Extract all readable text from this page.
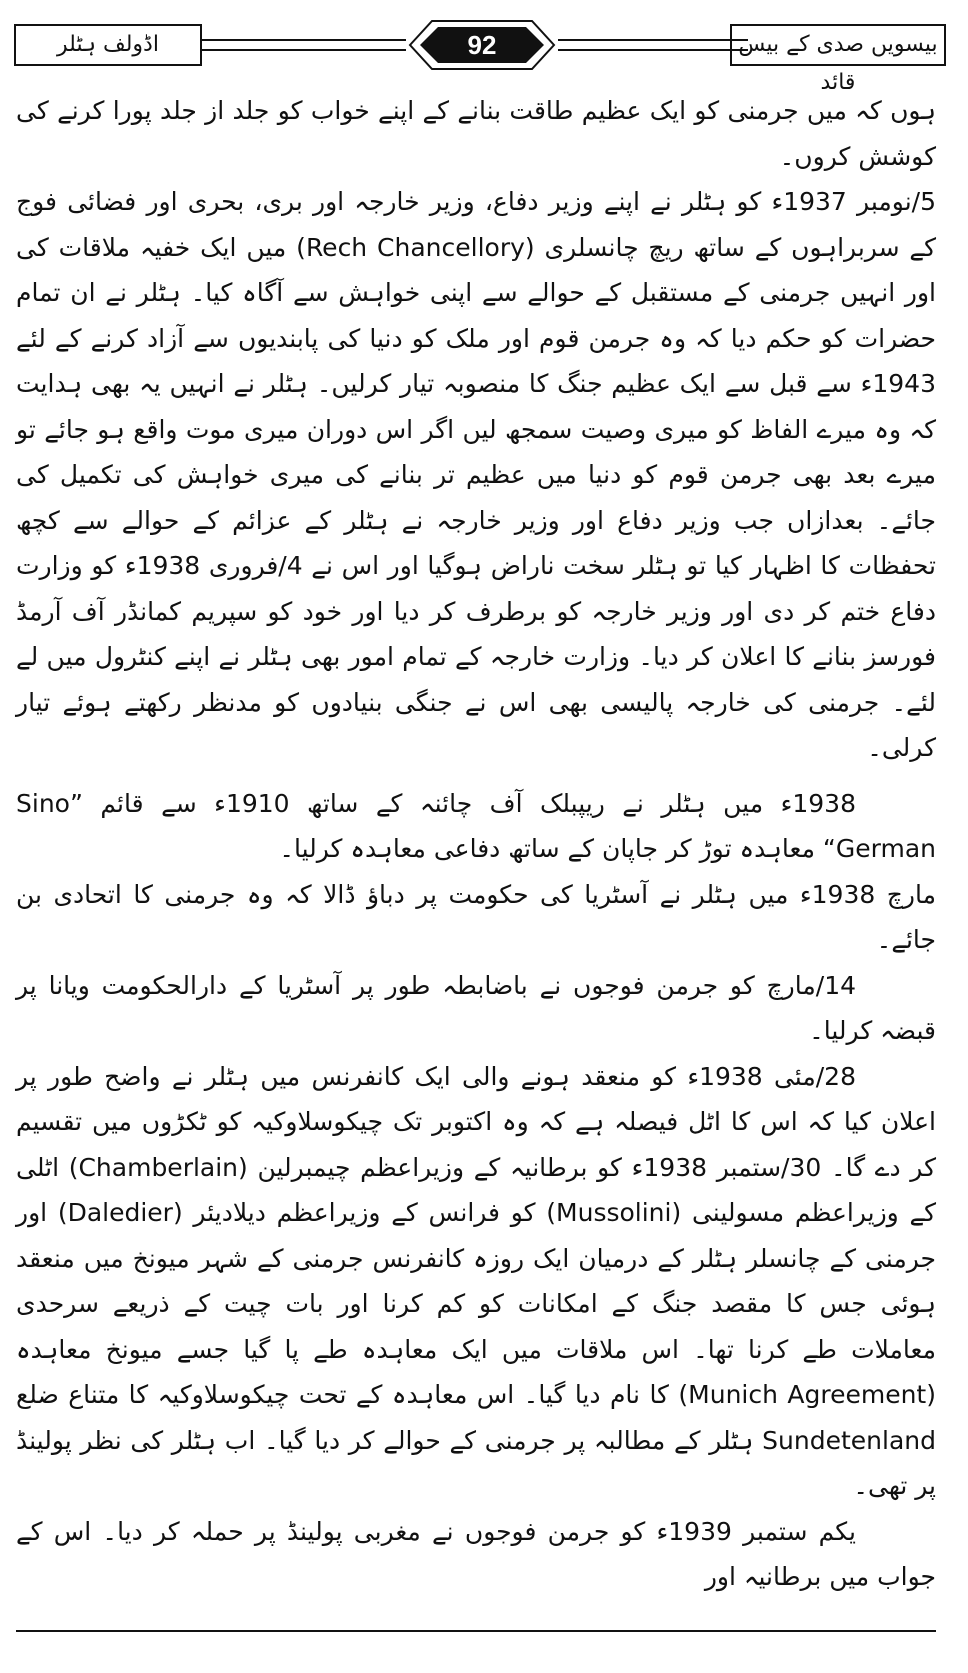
بیسویں صدی کے بیس قائد
92
اڈولف ہٹلر

ہوں کہ میں جرمنی کو ایک عظیم طاقت بنانے کے اپنے خواب کو جلد از جلد پورا کرنے کی کوشش کروں۔

5/نومبر 1937ء کو ہٹلر نے اپنے وزیر دفاع، وزیر خارجہ اور بری، بحری اور فضائی فوج کے سربراہوں کے ساتھ ریچ چانسلری (Rech Chancellory) میں ایک خفیہ ملاقات کی اور انہیں جرمنی کے مستقبل کے حوالے سے اپنی خواہش سے آگاہ کیا۔ ہٹلر نے ان تمام حضرات کو حکم دیا کہ وہ جرمن قوم اور ملک کو دنیا کی پابندیوں سے آزاد کرنے کے لئے 1943ء سے قبل سے ایک عظیم جنگ کا منصوبہ تیار کرلیں۔ ہٹلر نے انہیں یہ بھی ہدایت کہ وہ میرے الفاظ کو میری وصیت سمجھ لیں اگر اس دوران میری موت واقع ہو جائے تو میرے بعد بھی جرمن قوم کو دنیا میں عظیم تر بنانے کی میری خواہش کی تکمیل کی جائے۔ بعدازاں جب وزیر دفاع اور وزیر خارجہ نے ہٹلر کے عزائم کے حوالے سے کچھ تحفظات کا اظہار کیا تو ہٹلر سخت ناراض ہوگیا اور اس نے 4/فروری 1938ء کو وزارت دفاع ختم کر دی اور وزیر خارجہ کو برطرف کر دیا اور خود کو سپریم کمانڈر آف آرمڈ فورسز بنانے کا اعلان کر دیا۔ وزارت خارجہ کے تمام امور بھی ہٹلر نے اپنے کنٹرول میں لے لئے۔ جرمنی کی خارجہ پالیسی بھی اس نے جنگی بنیادوں کو مدنظر رکھتے ہوئے تیار کرلی۔

1938ء میں ہٹلر نے ریپبلک آف چائنہ کے ساتھ 1910ء سے قائم ”Sino German“ معاہدہ توڑ کر جاپان کے ساتھ دفاعی معاہدہ کرلیا۔

مارچ 1938ء میں ہٹلر نے آسٹریا کی حکومت پر دباؤ ڈالا کہ وہ جرمنی کا اتحادی بن جائے۔

14/مارچ کو جرمن فوجوں نے باضابطہ طور پر آسٹریا کے دارالحکومت ویانا پر قبضہ کرلیا۔

28/مئی 1938ء کو منعقد ہونے والی ایک کانفرنس میں ہٹلر نے واضح طور پر اعلان کیا کہ اس کا اٹل فیصلہ ہے کہ وہ اکتوبر تک چیکوسلاوکیہ کو ٹکڑوں میں تقسیم کر دے گا۔ 30/ستمبر 1938ء کو برطانیہ کے وزیراعظم چیمبرلین (Chamberlain) اٹلی کے وزیراعظم مسولینی (Mussolini) کو فرانس کے وزیراعظم دیلادیئر (Daledier) اور جرمنی کے چانسلر ہٹلر کے درمیان ایک روزہ کانفرنس جرمنی کے شہر میونخ میں منعقد ہوئی جس کا مقصد جنگ کے امکانات کو کم کرنا اور بات چیت کے ذریعے سرحدی معاملات طے کرنا تھا۔ اس ملاقات میں ایک معاہدہ طے پا گیا جسے میونخ معاہدہ (Munich Agreement) کا نام دیا گیا۔ اس معاہدہ کے تحت چیکوسلاوکیہ کا متناع ضلع Sundetenland ہٹلر کے مطالبہ پر جرمنی کے حوالے کر دیا گیا۔ اب ہٹلر کی نظر پولینڈ پر تھی۔

یکم ستمبر 1939ء کو جرمن فوجوں نے مغربی پولینڈ پر حملہ کر دیا۔ اس کے جواب میں برطانیہ اور
